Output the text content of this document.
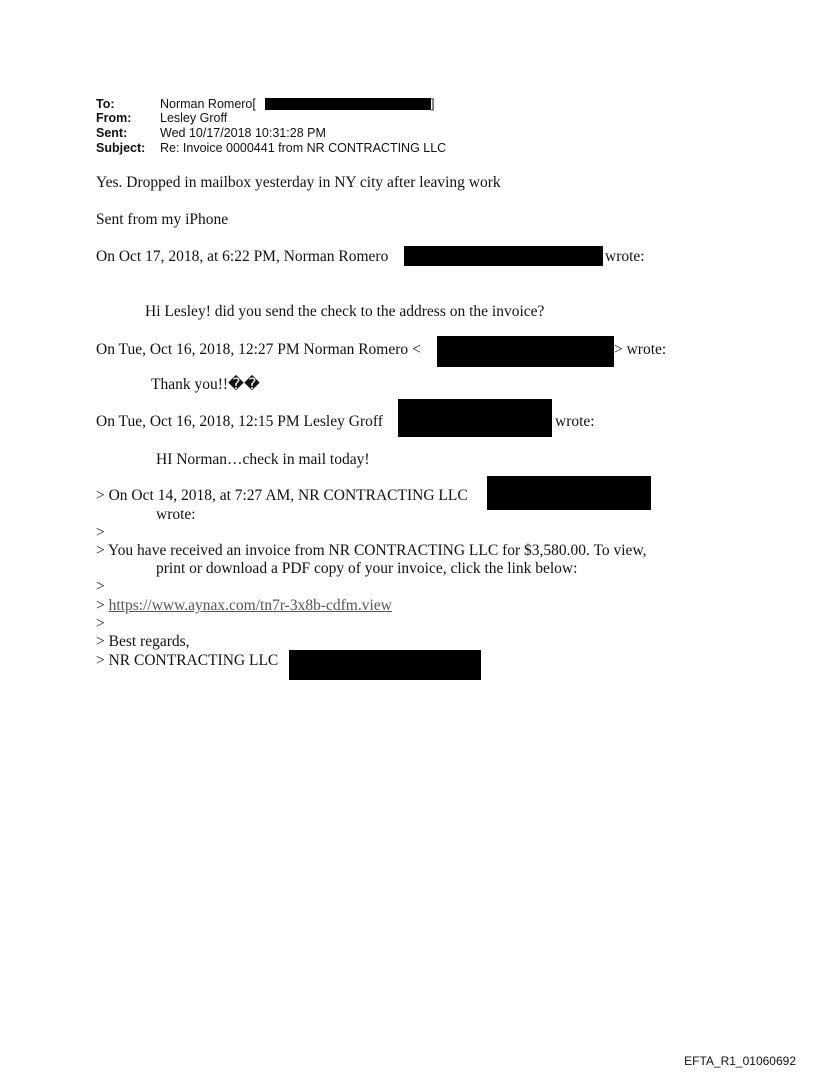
To:	Norman Romero[	]
From: Lesley Groff
Sent:	Wed 10/17/2018 10:31:28 PM
Subject: Re: Invoice 0000441 from NR CONTRACTING LLC
Yes. Dropped in mailbox yesterday in NY city after leaving work
Sent from my iPhone
On Oct 17, 2018, at 6:22 PM, Norman Romero	wrote:
Hi Lesley! did you send the check to the address on the invoice?
On Tue, Oct 16, 2018, 12:27 PM Norman Romero <	> wrote:
Thank you!!��
On Tue, Oct 16, 2018, 12:15 PM Lesley Groff	wrote:
HI Norman…check in mail today!
> On Oct 14, 2018, at 7:27 AM, NR CONTRACTING LLC
wrote:
>
> You have received an invoice from NR CONTRACTING LLC for $3,580.00. To view,
print or download a PDF copy of your invoice, click the link below:
>
> https://www.aynax.com/tn7r-3x8b-cdfm.view
>
> Best regards,
> NR CONTRACTING LLC
EFTA_R1_01060692
